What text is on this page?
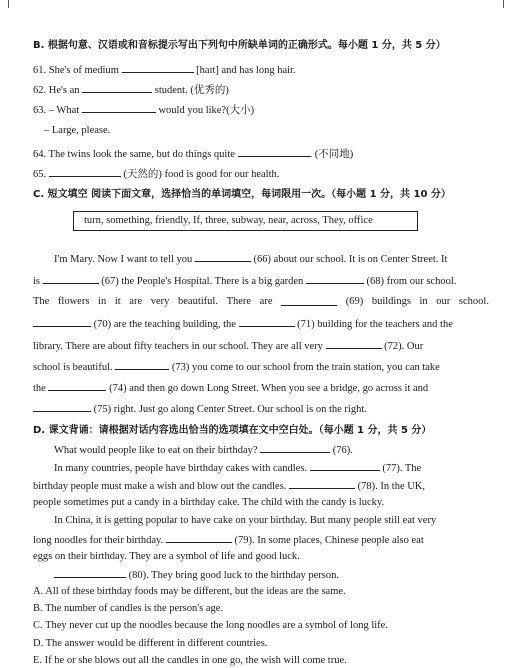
B. 根据句意、汉语或和音标提示写出下列句中所缺单词的正确形式。每小题 1 分，共 5 分）
61. She's of medium	[haɪt] and has long hair.
62. He's an	student. (优秀的)
63. – What	would you like?(大小)
– Large, please.
64. The twins look the same, but do things quite	. (不同地)
65.	(天然的) food is good for our health.
C. 短文填空 阅读下面文章，选择恰当的单词填空，每词限用一次。（每小题 1 分，共 10 分）
turn, something, friendly, If, three, subway, near, across, They, office
I'm Mary. Now I want to tell you	(66) about our school. It is on Center Street. It
is	(67) the People's Hospital. There is a big garden	(68) from our school.
The flowers in it are very beautiful. There are	(69) buildings in our school.
(70) are the teaching building, the	(71) building for the teachers and the
library. There are about fifty teachers in our school. They are all very	(72). Our
school is beautiful.	(73) you come to our school from the train station, you can take
the	(74) and then go down Long Street. When you see a bridge, go across it and
(75) right. Just go along Center Street. Our school is on the right.
D. 课文背诵：请根据对话内容选出恰当的选项填在文中空白处。（每小题 1 分，共 5 分）
What would people like to eat on their birthday?	(76).
In many countries, people have birthday cakes with candles.	(77). The
birthday people must make a wish and blow out the candles.	(78). In the UK,
people sometimes put a candy in a birthday cake. The child with the candy is lucky.
In China, it is getting popular to have cake on your birthday. But many people still eat very
long noodles for their birthday.	(79). In some places, Chinese people also eat
eggs on their birthday. They are a symbol of life and good luck.
(80). They bring good luck to the birthday person.
A. All of these birthday foods may be different, but the ideas are the same.
B. The number of candles is the person's age.
C. They never cut up the noodles because the long noodles are a symbol of long life.
D. The answer would be different in different countries.
E. If he or she blows out all the candles in one go, the wish will come true.
